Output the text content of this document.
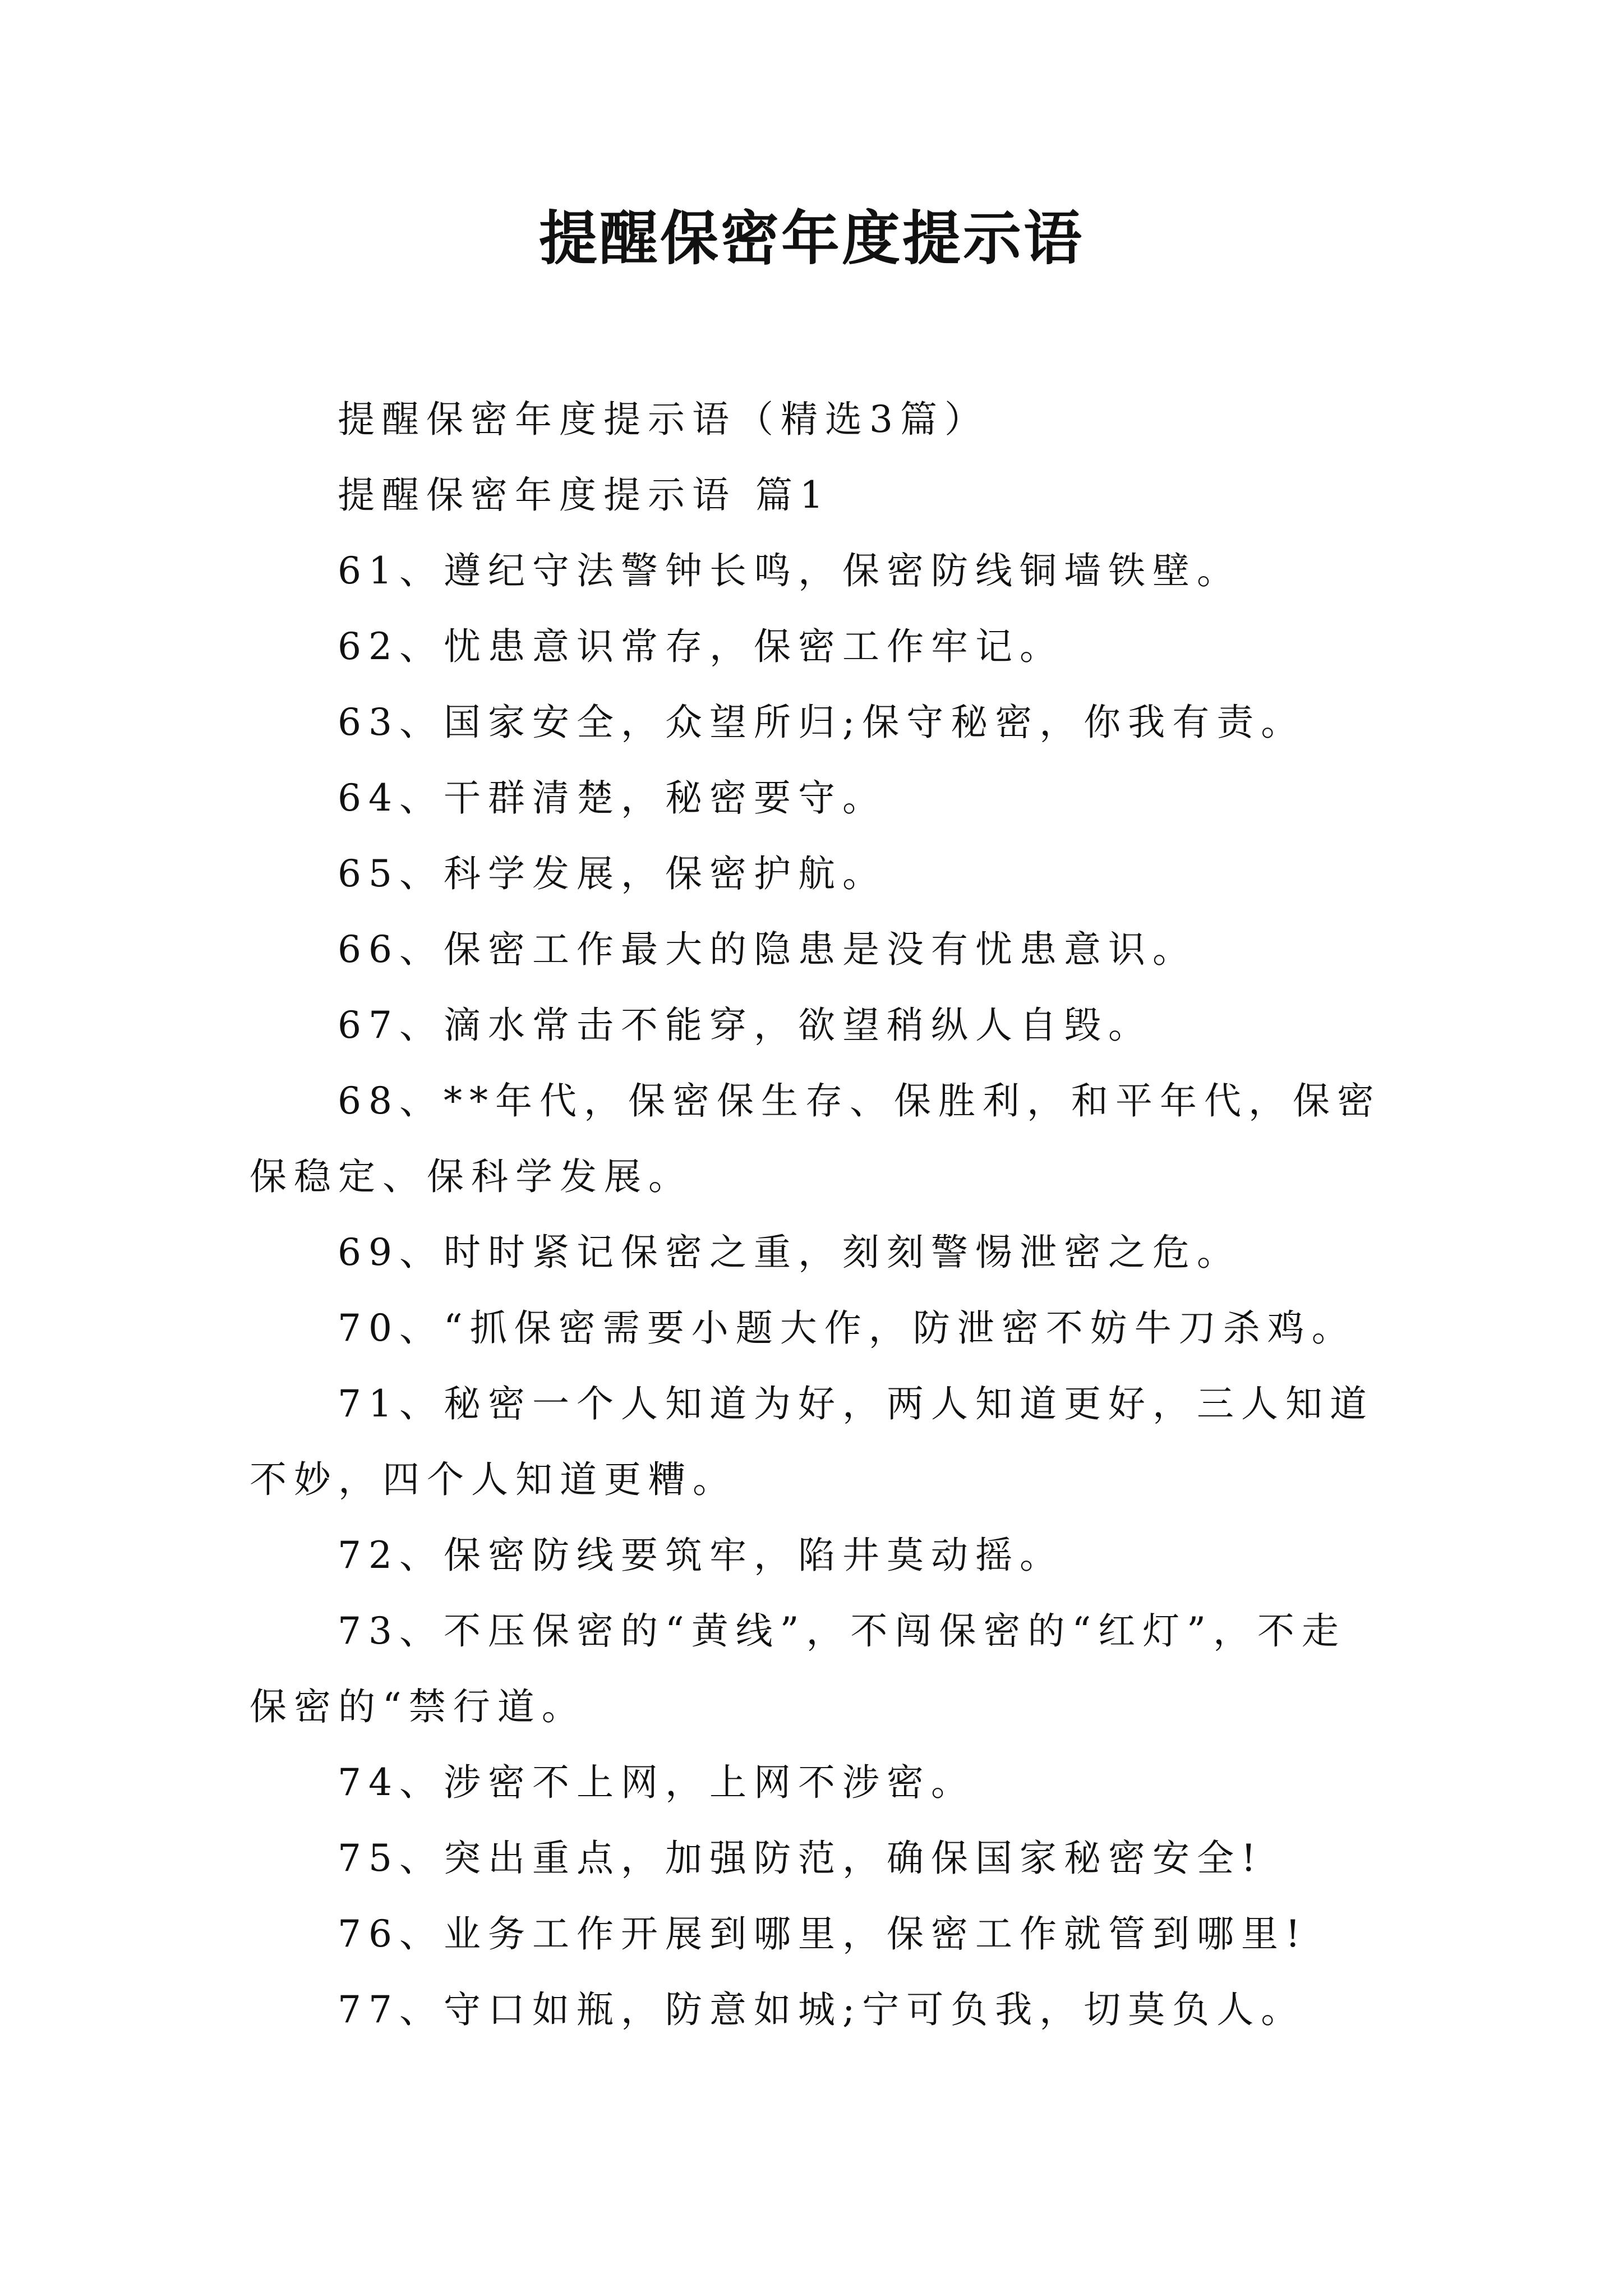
提醒保密年度提示语

提醒保密年度提示语（精选3篇）

提醒保密年度提示语 篇1

61、遵纪守法警钟长鸣，保密防线铜墙铁壁。

62、忧患意识常存，保密工作牢记。

63、国家安全，众望所归;保守秘密，你我有责。

64、干群清楚，秘密要守。

65、科学发展，保密护航。

66、保密工作最大的隐患是没有忧患意识。

67、滴水常击不能穿，欲望稍纵人自毁。

68、**年代，保密保生存、保胜利，和平年代，保密保稳定、保科学发展。

69、时时紧记保密之重，刻刻警惕泄密之危。

70、“抓保密需要小题大作，防泄密不妨牛刀杀鸡。

71、秘密一个人知道为好，两人知道更好，三人知道不妙，四个人知道更糟。

72、保密防线要筑牢，陷井莫动摇。

73、不压保密的“黄线”，不闯保密的“红灯”，不走保密的“禁行道。

74、涉密不上网，上网不涉密。

75、突出重点，加强防范，确保国家秘密安全!

76、业务工作开展到哪里，保密工作就管到哪里!

77、守口如瓶，防意如城;宁可负我，切莫负人。
